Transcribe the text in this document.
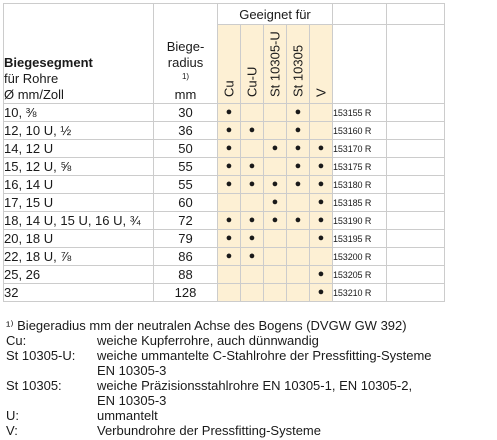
Biegesegment
für Rohre
Ø mm/Zoll	Biege-
radius
$^{1)}$
mm	Geeignet für						

		Cu	Cu-U	St 10305-U	St 10305	V		

10, ⅜	30	●			●		153155 R	
12, 10 U, ½	36	●	●		●		153160 R	
14, 12 U	50	●		●	●	●	153170 R	
15, 12 U, ⅝	55	●	●		●	●	153175 R	
16, 14 U	55	●	●	●	●	●	153180 R	
17, 15 U	60			●		●	153185 R	
18, 14 U, 15 U, 16 U, ¾	72	●	●	●	●	●	153190 R	
20, 18 U	79	●	●			●	153195 R	
22, 18 U, ⅞	86	●	●				153200 R	
25, 26	88					●	153205 R	
32	128					●	153210 R	
¹⁾ Biegeradius mm der neutralen Achse des Bogens (DVGW GW 392)
Cu:	weiche Kupferrohre, auch dünnwandig
St 10305-U:	weiche ummantelte C-Stahlrohre der Pressfitting-Systeme
EN 10305-3
St 10305:	weiche Präzisionsstahlrohre EN 10305-1, EN 10305-2,
EN 10305-3
U:	ummantelt
V:	Verbundrohre der Pressfitting-Systeme
